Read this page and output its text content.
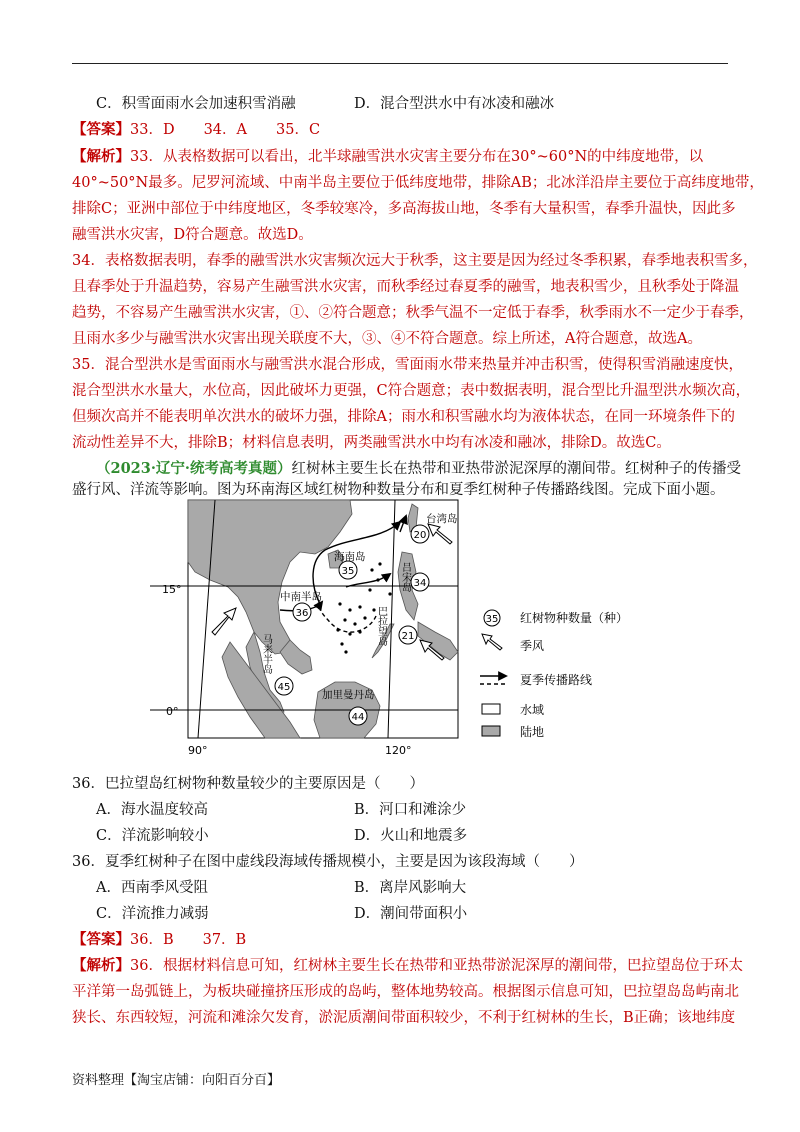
C．积雪面雨水会加速积雪消融	D．混合型洪水中有冰凌和融冰
【答案】33．D　　34．A　　35．C
【解析】33．从表格数据可以看出，北半球融雪洪水灾害主要分布在30°~60°N的中纬度地带，以
40°~50°N最多。尼罗河流域、中南半岛主要位于低纬度地带，排除AB；北冰洋沿岸主要位于高纬度地带，
排除C；亚洲中部位于中纬度地区，冬季较寒冷，多高海拔山地，冬季有大量积雪，春季升温快，因此多
融雪洪水灾害，D符合题意。故选D。
34．表格数据表明，春季的融雪洪水灾害频次远大于秋季，这主要是因为经过冬季积累，春季地表积雪多，
且春季处于升温趋势，容易产生融雪洪水灾害，而秋季经过春夏季的融雪，地表积雪少，且秋季处于降温
趋势，不容易产生融雪洪水灾害，①、②符合题意；秋季气温不一定低于春季，秋季雨水不一定少于春季，
且雨水多少与融雪洪水灾害出现关联度不大，③、④不符合题意。综上所述，A符合题意，故选A。
35．混合型洪水是雪面雨水与融雪洪水混合形成，雪面雨水带来热量并冲击积雪，使得积雪消融速度快，
混合型洪水水量大，水位高，因此破坏力更强，C符合题意；表中数据表明，混合型比升温型洪水频次高，
但频次高并不能表明单次洪水的破坏力强，排除A；雨水和积雪融水均为液体状态，在同一环境条件下的
流动性差异不大，排除B；材料信息表明，两类融雪洪水中均有冰凌和融冰，排除D。故选C。
（2023·辽宁·统考高考真题）红树林主要生长在热带和亚热带淤泥深厚的潮间带。红树种子的传播受
盛行风、洋流等影响。图为环南海区域红树物种数量分布和夏季红树种子传播路线图。完成下面小题。
15°
0°
90°	120°
20
35
34
36
21
45
44
台湾岛
海南岛
中南半岛
加里曼丹岛
马来半岛
吕宋岛
巴拉望岛	35 红树物种数量（种）
季风
夏季传播路线
水域
陆地
36．巴拉望岛红树物种数量较少的主要原因是（　　）
A．海水温度较高	B．河口和滩涂少
C．洋流影响较小	D．火山和地震多
36．夏季红树种子在图中虚线段海域传播规模小，主要是因为该段海域（　　）
A．西南季风受阻	B．离岸风影响大
C．洋流推力减弱	D．潮间带面积小
【答案】36．B　　37．B
【解析】36．根据材料信息可知，红树林主要生长在热带和亚热带淤泥深厚的潮间带，巴拉望岛位于环太
平洋第一岛弧链上，为板块碰撞挤压形成的岛屿，整体地势较高。根据图示信息可知，巴拉望岛岛屿南北
狭长、东西较短，河流和滩涂欠发育，淤泥质潮间带面积较少，不利于红树林的生长，B正确；该地纬度
资料整理【淘宝店铺：向阳百分百】
